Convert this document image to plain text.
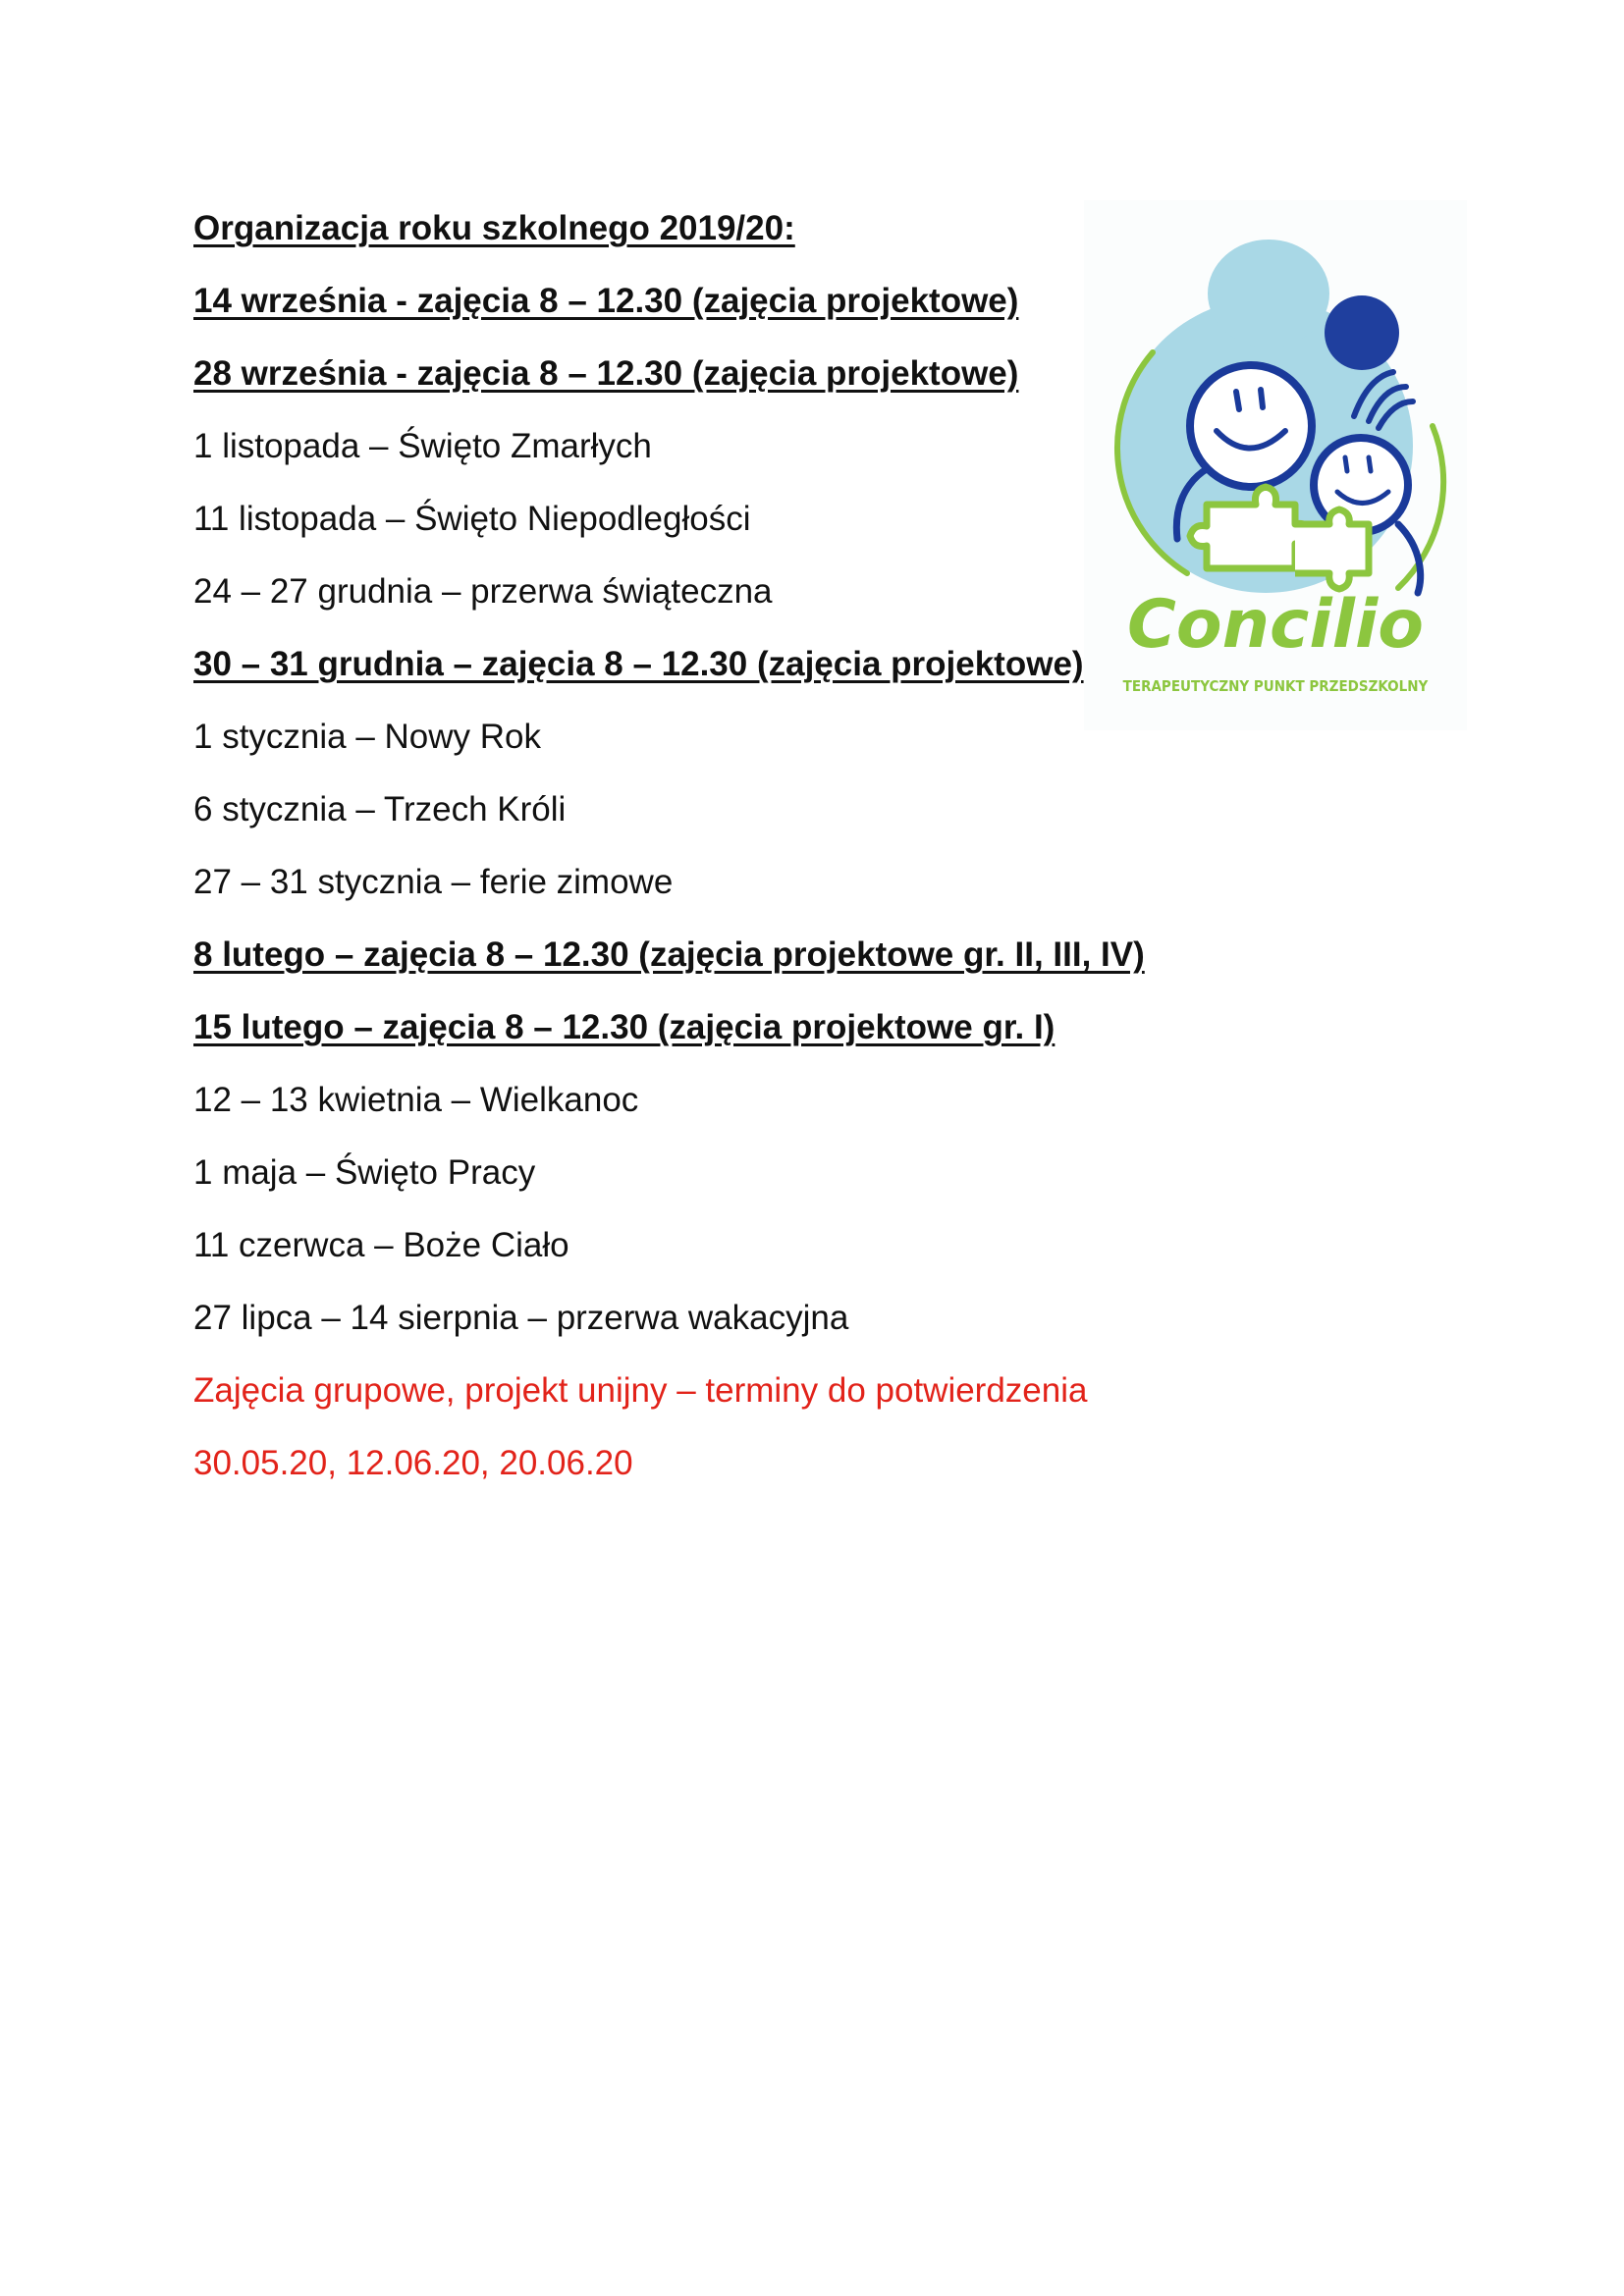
Organizacja roku szkolnego 2019/20:
14 września - zajęcia 8 – 12.30 (zajęcia projektowe)
28 września - zajęcia 8 – 12.30 (zajęcia projektowe)
1 listopada – Święto Zmarłych
11 listopada – Święto Niepodległości
24 – 27 grudnia – przerwa świąteczna
30 – 31 grudnia – zajęcia 8 – 12.30 (zajęcia projektowe)
1 stycznia – Nowy Rok
6 stycznia – Trzech Króli
27 – 31 stycznia – ferie zimowe
8 lutego – zajęcia 8 – 12.30 (zajęcia projektowe gr. II, III, IV)
15 lutego – zajęcia 8 – 12.30 (zajęcia projektowe gr. I)
12 – 13 kwietnia – Wielkanoc
1 maja – Święto Pracy
11 czerwca – Boże Ciało
27 lipca – 14 sierpnia – przerwa wakacyjna
Zajęcia grupowe, projekt unijny – terminy do potwierdzenia
30.05.20, 12.06.20, 20.06.20
Concilio
TERAPEUTYCZNY PUNKT PRZEDSZKOLNY
